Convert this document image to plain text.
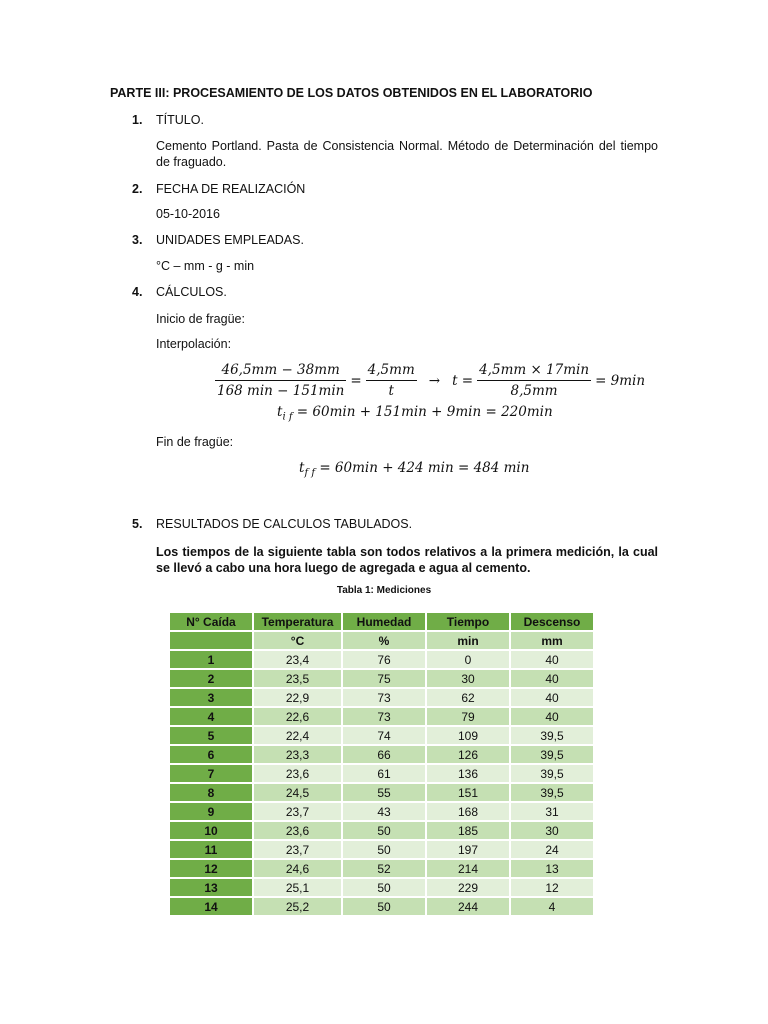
PARTE III: PROCESAMIENTO DE LOS DATOS OBTENIDOS EN EL LABORATORIO
1. TÍTULO.
Cemento Portland. Pasta de Consistencia Normal. Método de Determinación del tiempo de fraguado.
2. FECHA DE REALIZACIÓN
05-10-2016
3. UNIDADES EMPLEADAS.
°C – mm - g - min
4. CÁLCULOS.
Inicio de fragüe:
Interpolación:
$\frac{46,5mm - 38mm}{168 \min - 151\min} = \frac{4,5mm}{t} \to t = \frac{4,5mm \times 17\min}{8,5mm} = 9\min$
$t_{i f} = 60\min + 151\min + 9\min = 220\min$
Fin de fragüe:
$t_{f f} = 60\min + 424$ min = 484 min
5. RESULTADOS DE CALCULOS TABULADOS.
Los tiempos de la siguiente tabla son todos relativos a la primera medición, la cual se llevó a cabo una hora luego de agregada e agua al cemento.
Tabla 1: Mediciones
N° Caída	Temperatura	Humedad	Tiempo	Descenso
	°C	%	min	mm
1	23,4	76	0	40
2	23,5	75	30	40
3	22,9	73	62	40
4	22,6	73	79	40
5	22,4	74	109	39,5
6	23,3	66	126	39,5
7	23,6	61	136	39,5
8	24,5	55	151	39,5
9	23,7	43	168	31
10	23,6	50	185	30
11	23,7	50	197	24
12	24,6	52	214	13
13	25,1	50	229	12
14	25,2	50	244	4
